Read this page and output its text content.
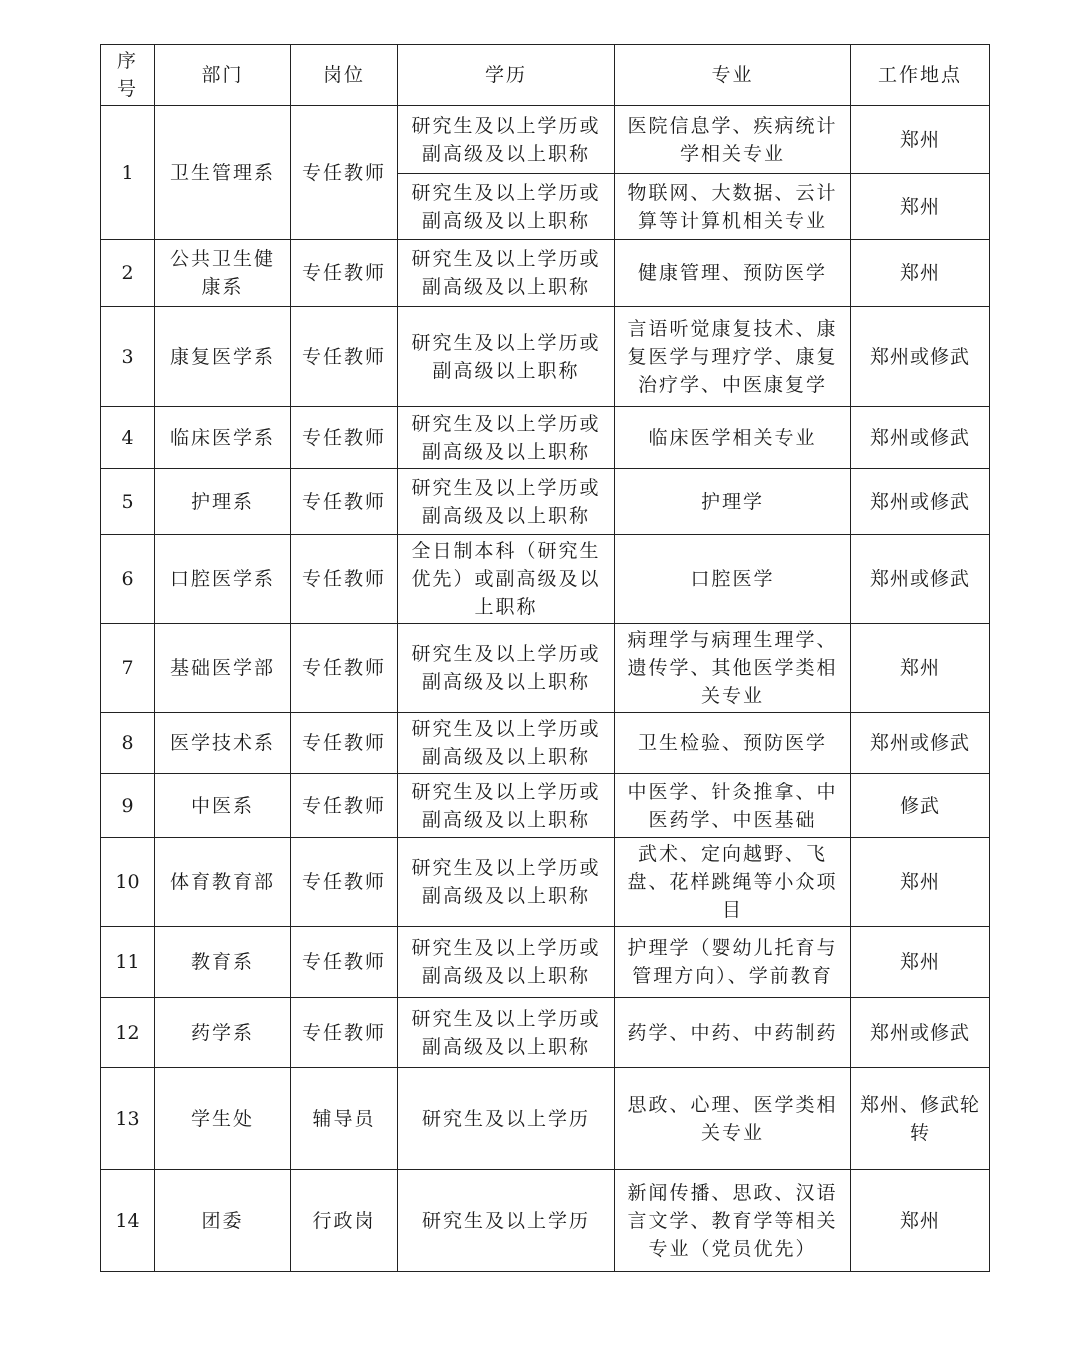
序号	部门	岗位	学历	专业	工作地点
1	卫生管理系	专任教师	研究生及以上学历或副高级及以上职称	医院信息学、疾病统计学相关专业	郑州
			研究生及以上学历或副高级及以上职称	物联网、大数据、云计算等计算机相关专业	郑州
2	公共卫生健康系	专任教师	研究生及以上学历或副高级及以上职称	健康管理、预防医学	郑州
3	康复医学系	专任教师	研究生及以上学历或副高级以上职称	言语听觉康复技术、康复医学与理疗学、康复治疗学、中医康复学	郑州或修武
4	临床医学系	专任教师	研究生及以上学历或副高级及以上职称	临床医学相关专业	郑州或修武
5	护理系	专任教师	研究生及以上学历或副高级及以上职称	护理学	郑州或修武
6	口腔医学系	专任教师	全日制本科（研究生优先）或副高级及以上职称	口腔医学	郑州或修武
7	基础医学部	专任教师	研究生及以上学历或副高级及以上职称	病理学与病理生理学、遗传学、其他医学类相关专业	郑州
8	医学技术系	专任教师	研究生及以上学历或副高级及以上职称	卫生检验、预防医学	郑州或修武
9	中医系	专任教师	研究生及以上学历或副高级及以上职称	中医学、针灸推拿、中医药学、中医基础	修武
10	体育教育部	专任教师	研究生及以上学历或副高级及以上职称	武术、定向越野、飞盘、花样跳绳等小众项目	郑州
11	教育系	专任教师	研究生及以上学历或副高级及以上职称	护理学（婴幼儿托育与管理方向）、学前教育	郑州
12	药学系	专任教师	研究生及以上学历或副高级及以上职称	药学、中药、中药制药	郑州或修武
13	学生处	辅导员	研究生及以上学历	思政、心理、医学类相关专业	郑州、修武轮转
14	团委	行政岗	研究生及以上学历	新闻传播、思政、汉语言文学、教育学等相关专业（党员优先）	郑州
